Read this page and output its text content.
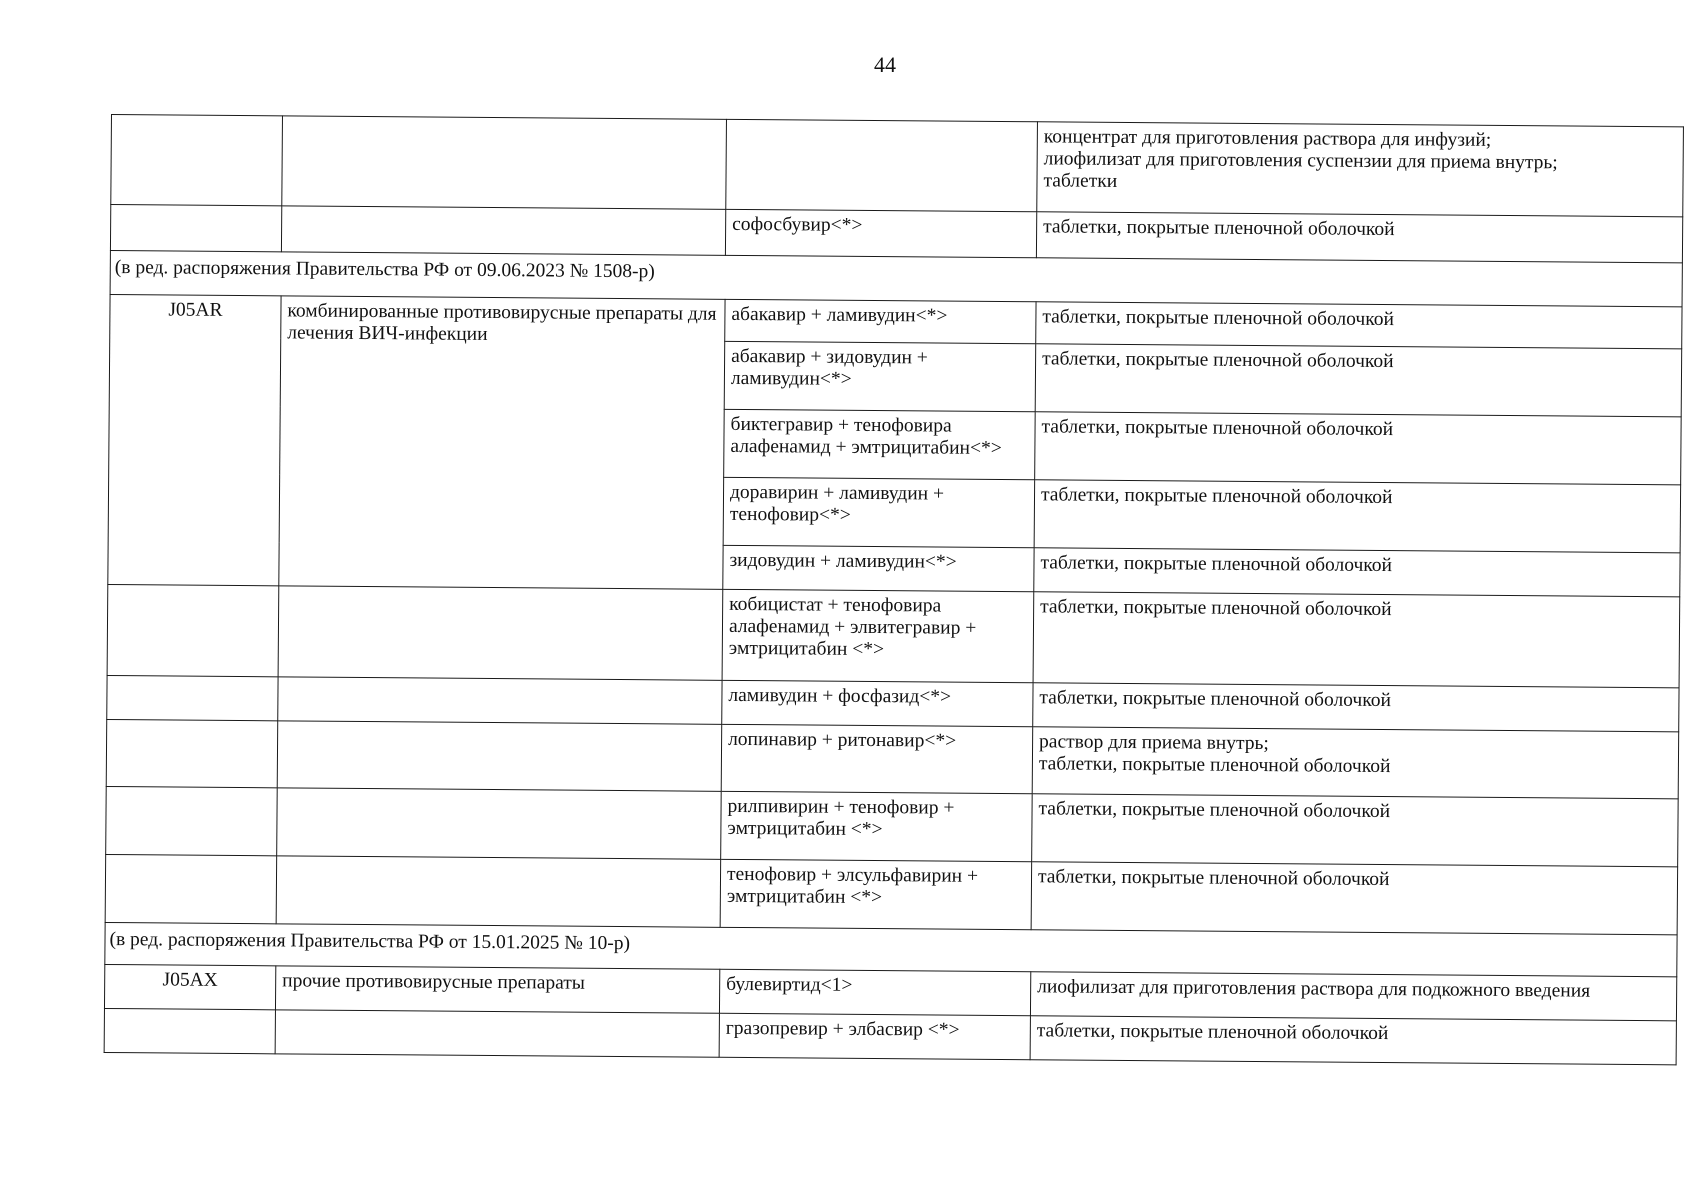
44

			концентрат для приготовления раствора для инфузий;
лиофилизат для приготовления суспензии для приема внутрь;
таблетки

		софосбувир<*>	таблетки, покрытые пленочной оболочкой

(в ред. распоряжения Правительства РФ от 09.06.2023 № 1508-р)			
J05AR	комбинированные противовирусные препараты для лечения ВИЧ-инфекции	абакавир + ламивудин<*>	таблетки, покрытые пленочной оболочкой

		абакавир + зидовудин + ламивудин<*>	таблетки, покрытые пленочной оболочкой

		биктегравир + тенофовира алафенамид + эмтрицитабин<*>	таблетки, покрытые пленочной оболочкой

		доравирин + ламивудин + тенофовир<*>	таблетки, покрытые пленочной оболочкой

		зидовудин + ламивудин<*>	таблетки, покрытые пленочной оболочкой

		кобицистат + тенофовира алафенамид + элвитегравир + эмтрицитабин <*>	таблетки, покрытые пленочной оболочкой

		ламивудин + фосфазид<*>	таблетки, покрытые пленочной оболочкой

		лопинавир + ритонавир<*>	раствор для приема внутрь;
таблетки, покрытые пленочной оболочкой

		рилпивирин + тенофовир + эмтрицитабин <*>	таблетки, покрытые пленочной оболочкой

		тенофовир + элсульфавирин + эмтрицитабин <*>	таблетки, покрытые пленочной оболочкой

(в ред. распоряжения Правительства РФ от 15.01.2025 № 10-р)			
J05AX	прочие противовирусные препараты	булевиртид<1>	лиофилизат для приготовления раствора для подкожного введения

		гразопревир + элбасвир <*>	таблетки, покрытые пленочной оболочкой
